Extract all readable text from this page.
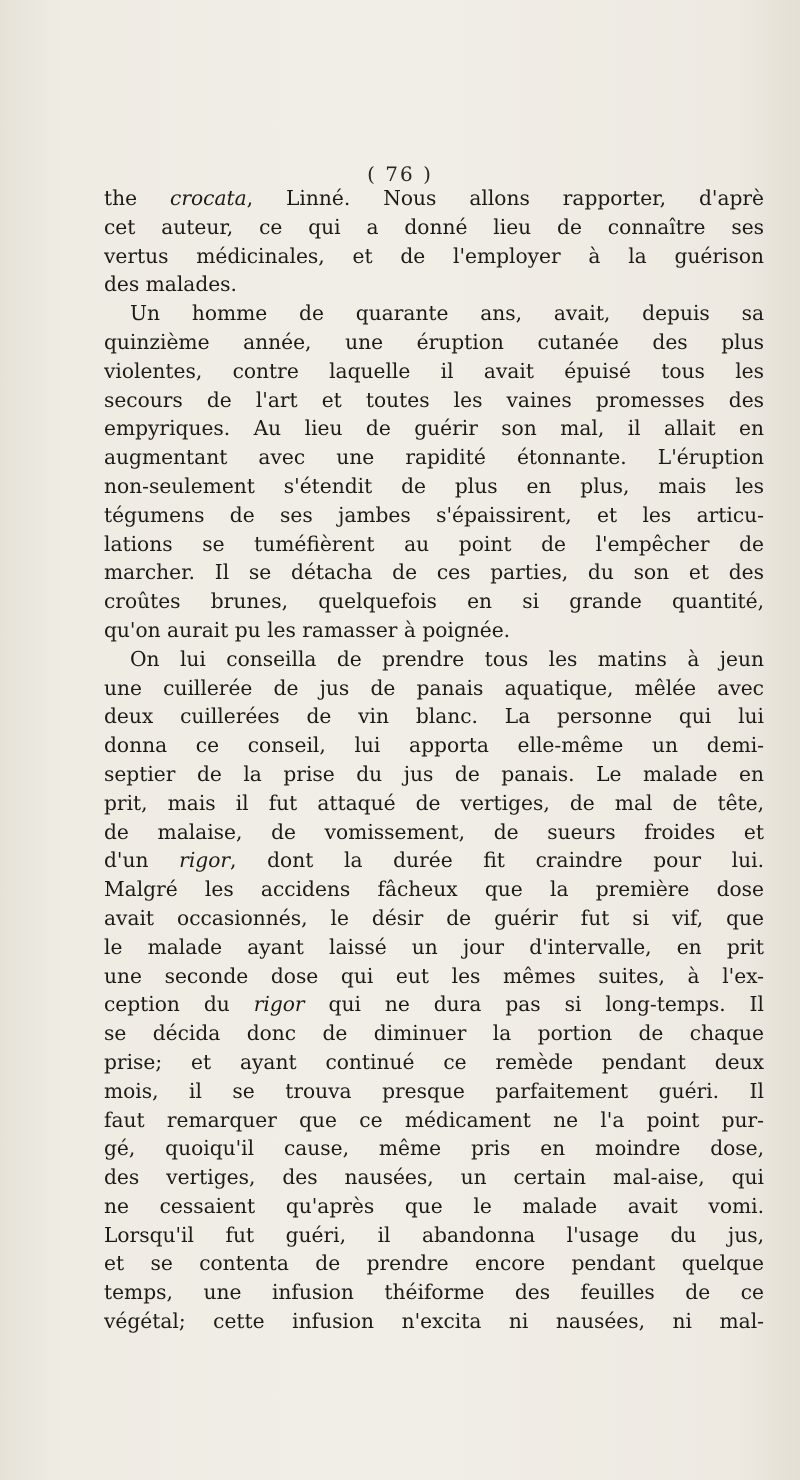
( 76 )
the crocata, Linné. Nous allons rapporter, d'aprè
cet auteur, ce qui a donné lieu de connaître ses
vertus médicinales, et de l'employer à la guérison
des malades.
Un homme de quarante ans, avait, depuis sa
quinzième année, une éruption cutanée des plus
violentes, contre laquelle il avait épuisé tous les
secours de l'art et toutes les vaines promesses des
empyriques. Au lieu de guérir son mal, il allait en
augmentant avec une rapidité étonnante. L'éruption
non-seulement s'étendit de plus en plus, mais les
tégumens de ses jambes s'épaissirent, et les articu-
lations se tuméfièrent au point de l'empêcher de
marcher. Il se détacha de ces parties, du son et des
croûtes brunes, quelquefois en si grande quantité,
qu'on aurait pu les ramasser à poignée.
On lui conseilla de prendre tous les matins à jeun
une cuillerée de jus de panais aquatique, mêlée avec
deux cuillerées de vin blanc. La personne qui lui
donna ce conseil, lui apporta elle-même un demi-
septier de la prise du jus de panais. Le malade en
prit, mais il fut attaqué de vertiges, de mal de tête,
de malaise, de vomissement, de sueurs froides et
d'un rigor, dont la durée fit craindre pour lui.
Malgré les accidens fâcheux que la première dose
avait occasionnés, le désir de guérir fut si vif, que
le malade ayant laissé un jour d'intervalle, en prit
une seconde dose qui eut les mêmes suites, à l'ex-
ception du rigor qui ne dura pas si long-temps. Il
se décida donc de diminuer la portion de chaque
prise; et ayant continué ce remède pendant deux
mois, il se trouva presque parfaitement guéri. Il
faut remarquer que ce médicament ne l'a point pur-
gé, quoiqu'il cause, même pris en moindre dose,
des vertiges, des nausées, un certain mal-aise, qui
ne cessaient qu'après que le malade avait vomi.
Lorsqu'il fut guéri, il abandonna l'usage du jus,
et se contenta de prendre encore pendant quelque
temps, une infusion théiforme des feuilles de ce
végétal; cette infusion n'excita ni nausées, ni mal-
